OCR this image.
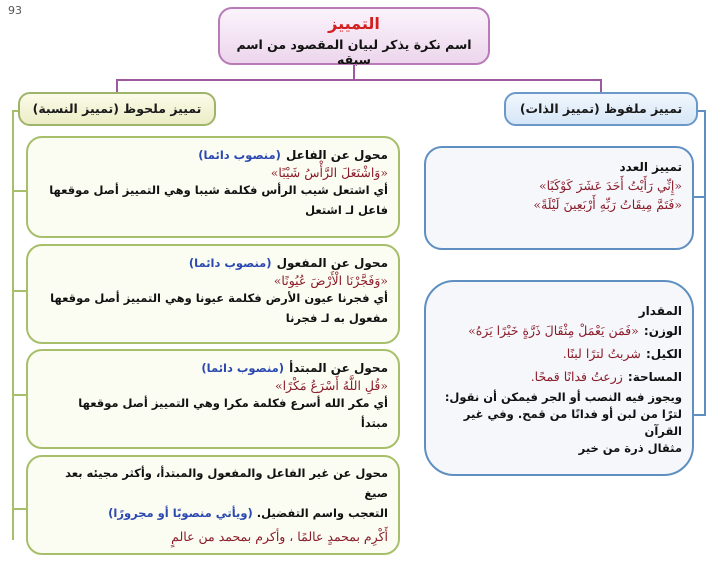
93
التمييز
اسم نكرة يذكر لبيان المقصود من اسم سبقه
تمييز ملحوظ (تمييز النسبة)	تمييز ملفوظ (تمييز الذات)
محول عن الفاعل (منصوب دائما)
«وَاشْتَعَلَ الرَّأْسُ شَيْبًا»
أي اشتعل شيب الرأس فكلمة شيبا وهي التمييز أصل موقعها
فاعل لـ اشتعل
محول عن المفعول (منصوب دائما)
«وَفَجَّرْنَا الْأَرْضَ عُيُونًا»
أي فجرنا عيون الأرض فكلمة عيونا وهي التمييز أصل موقعها
مفعول به لـ فجرنا
محول عن المبتدأ (منصوب دائما)
«قُلِ اللَّهُ أَسْرَعُ مَكْرًا»
أي مكر الله أسرع فكلمة مكرا وهي التمييز أصل موقعها
مبتدأ
محول عن غير الفاعل والمفعول والمبتدأ، وأكثر مجيئه بعد صيغ
التعجب واسم التفضيل. (ويأتي منصوبًا أو مجرورًا)
أَكْرِم بمحمدٍ عالمًا ، وأكرم بمحمد من عالمٍ
تمييز العدد
«إِنِّي رَأَيْتُ أَحَدَ عَشَرَ كَوْكَبًا»
«فَتَمَّ مِيقَاتُ رَبِّهِ أَرْبَعِينَ لَيْلَةً»
المقدار
الوزن: «فَمَن يَعْمَلْ مِثْقَالَ ذَرَّةٍ خَيْرًا يَرَهُ»
الكيل: شربتُ لترًا لبنًا.
المساحة: زرعتُ فدانًا قمحًا.
ويجوز فيه النصب أو الجر فيمكن أن نقول:
لترًا من لبن أو فدانًا من قمح. وفي غير القرآن
مثقال ذرة من خير
